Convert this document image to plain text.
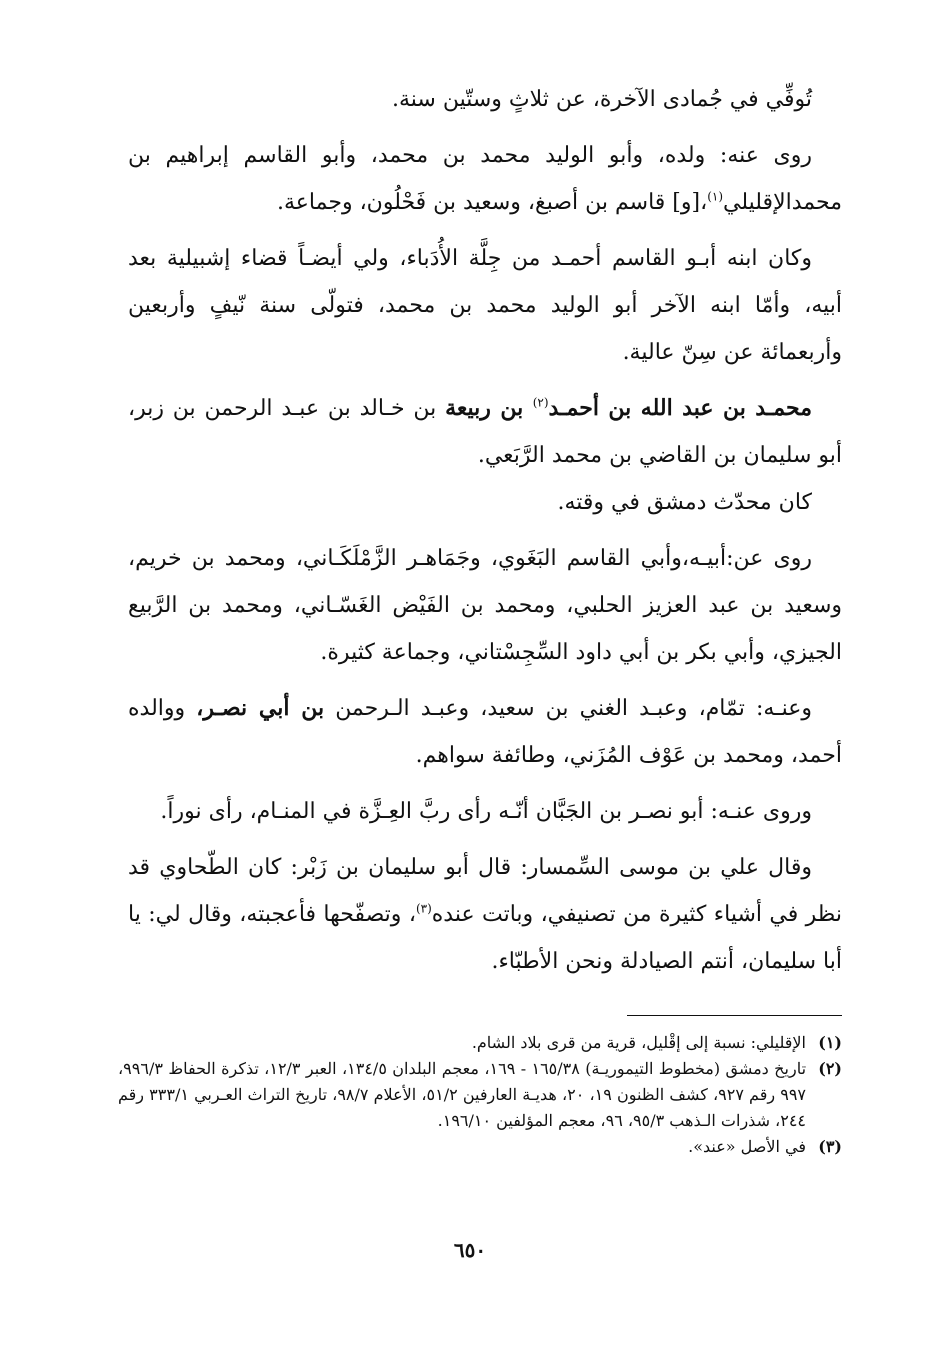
تُوفِّي في جُمادى الآخرة، عن ثلاثٍ وستّين سنة.

روى عنه: ولده، وأبو الوليد محمد بن محمد، وأبو القاسم إبراهيم بن محمدالإقليلي$^{(١)}$،[و] قاسم بن أصبغ، وسعيد بن فَحْلُون، وجماعة.

وكان ابنه أبـو القاسم أحمـد من جِلَّة الأُدَباء، ولي أيضـاً قضاء إشبيلية بعد أبيه، وأمّا ابنه الآخر أبو الوليد محمد بن محمد، فتولّى سنة نّيفٍ وأربعين وأربعمائة عن سِنّ عالية.

محمـد بن عبد الله بن أحمـد$^{(٢)}$ بن ربيعة بن خـالد بن عبـد الرحمن بن زبر، أبو سليمان بن القاضي بن محمد الرَّبَعي.

كان محدّث دمشق في وقته.

روى عن:أبيـه،وأبي القاسم البَغَوي، وجَمَاهـر الزَّمْلَكَـاني، ومحمد بن خريم، وسعيد بن عبد العزيز الحلبي، ومحمد بن الفَيْض الغَسّـاني، ومحمد بن الرَّبيع الجيزي، وأبي بكر بن أبي داود السِّجِسْتاني، وجماعة كثيرة.

وعنـه: تمّام، وعبـد الغني بن سعيد، وعبـد الـرحمن بن أبي نصـر، ووالده أحمد، ومحمد بن عَوْف المُزَني، وطائفة سواهم.

وروى عنـه: أبو نصـر بن الجَبَّان أنّـه رأى ربَّ العِـزَّة في المنـام، رأى نوراً.

وقال علي بن موسى السِّمسار: قال أبو سليمان بن زَبْر: كان الطّحاوي قد نظر في أشياء كثيرة من تصنيفي، وباتت عنده$^{(٣)}$، وتصفّحها فأعجبته، وقال لي: يا أبا سليمان، أنتم الصيادلة ونحن الأطبّاء.

(١)
الإقليلي: نسبة إلى إقْليل، قرية من قرى بلاد الشام.
(٢)
تاريخ دمشق (مخطوط التيموريـة) ١٦٥/٣٨ - ١٦٩، معجم البلدان ١٣٤/٥، العبر ١٢/٣، تذكرة الحفاظ ٩٩٦/٣، ٩٩٧ رقم ٩٢٧، كشف الظنون ١٩، ٢٠، هديـة العارفين ٥١/٢، الأعلام ٩٨/٧، تاريخ التراث العـربي ٣٣٣/١ رقم ٢٤٤، شذرات الـذهب ٩٥/٣، ٩٦، معجم المؤلفين ١٩٦/١٠.
(٣)
في الأصل «عند».
٦٥٠
